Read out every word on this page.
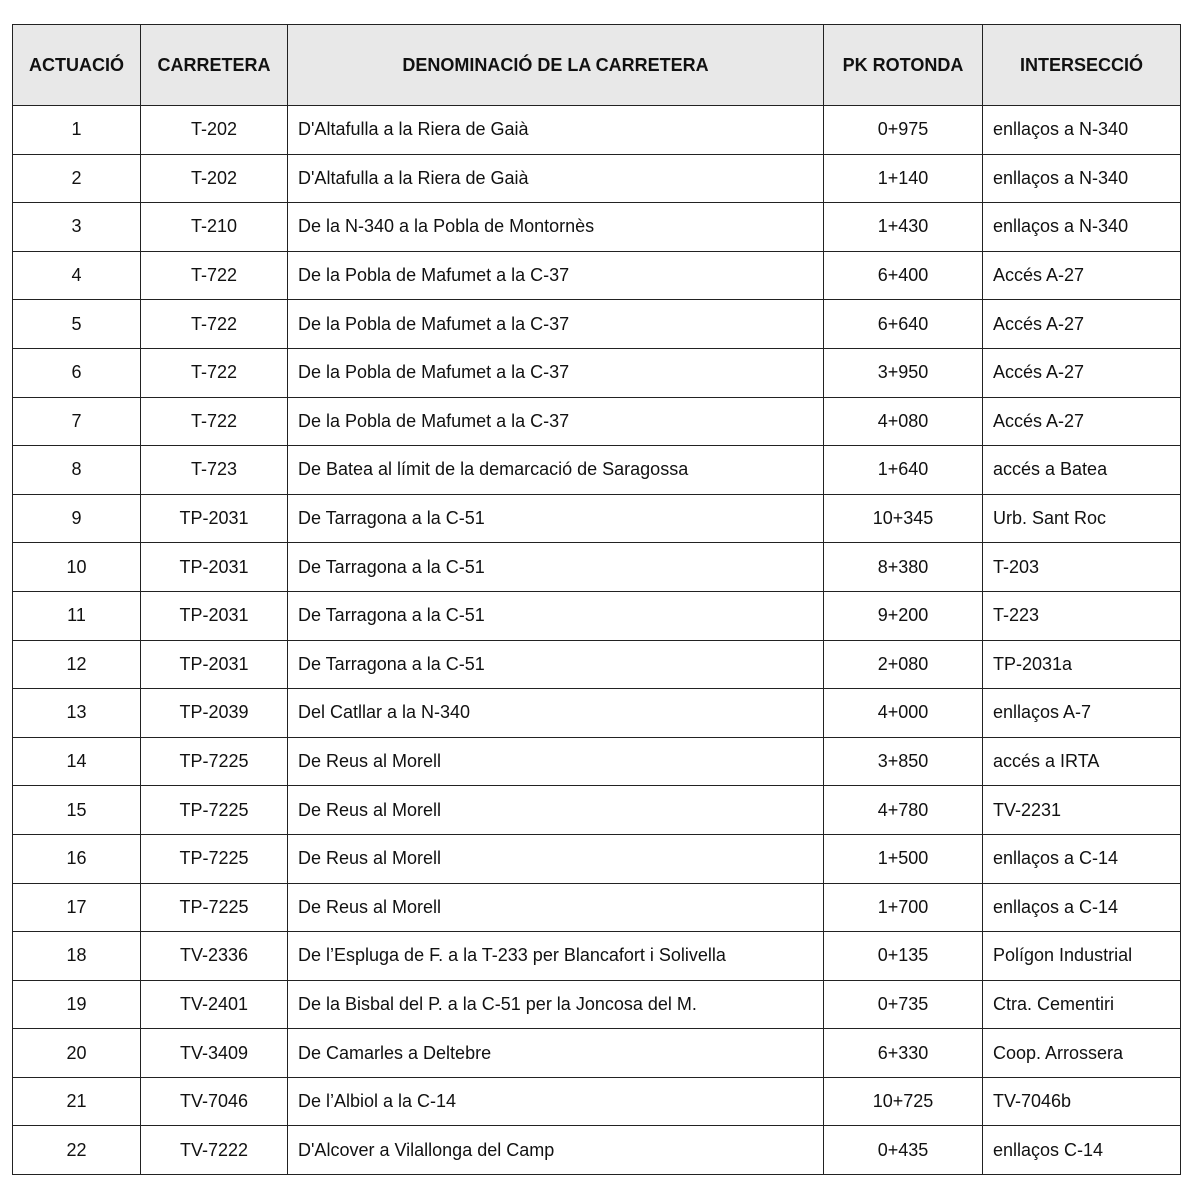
ACTUACIÓ	CARRETERA	DENOMINACIÓ DE LA CARRETERA	PK ROTONDA	INTERSECCIÓ
1	T-202	D'Altafulla a la Riera de Gaià	0+975	enllaços a N-340
2	T-202	D'Altafulla a la Riera de Gaià	1+140	enllaços a N-340
3	T-210	De la N-340 a la Pobla de Montornès	1+430	enllaços a N-340
4	T-722	De la Pobla de Mafumet a la C-37	6+400	Accés A-27
5	T-722	De la Pobla de Mafumet a la C-37	6+640	Accés A-27
6	T-722	De la Pobla de Mafumet a la C-37	3+950	Accés A-27
7	T-722	De la Pobla de Mafumet a la C-37	4+080	Accés A-27
8	T-723	De Batea al límit de la demarcació de Saragossa	1+640	accés a Batea
9	TP-2031	De Tarragona a la C-51	10+345	Urb. Sant Roc
10	TP-2031	De Tarragona a la C-51	8+380	T-203
11	TP-2031	De Tarragona a la C-51	9+200	T-223
12	TP-2031	De Tarragona a la C-51	2+080	TP-2031a
13	TP-2039	Del Catllar a la N-340	4+000	enllaços A-7
14	TP-7225	De Reus al Morell	3+850	accés a IRTA
15	TP-7225	De Reus al Morell	4+780	TV-2231
16	TP-7225	De Reus al Morell	1+500	enllaços a C-14
17	TP-7225	De Reus al Morell	1+700	enllaços a C-14
18	TV-2336	De l’Espluga de F. a la T-233 per Blancafort i Solivella	0+135	Polígon Industrial
19	TV-2401	De la Bisbal del P. a la C-51 per la Joncosa del M.	0+735	Ctra. Cementiri
20	TV-3409	De Camarles a Deltebre	6+330	Coop. Arrossera
21	TV-7046	De l’Albiol a la C-14	10+725	TV-7046b
22	TV-7222	D'Alcover a Vilallonga del Camp	0+435	enllaços C-14
